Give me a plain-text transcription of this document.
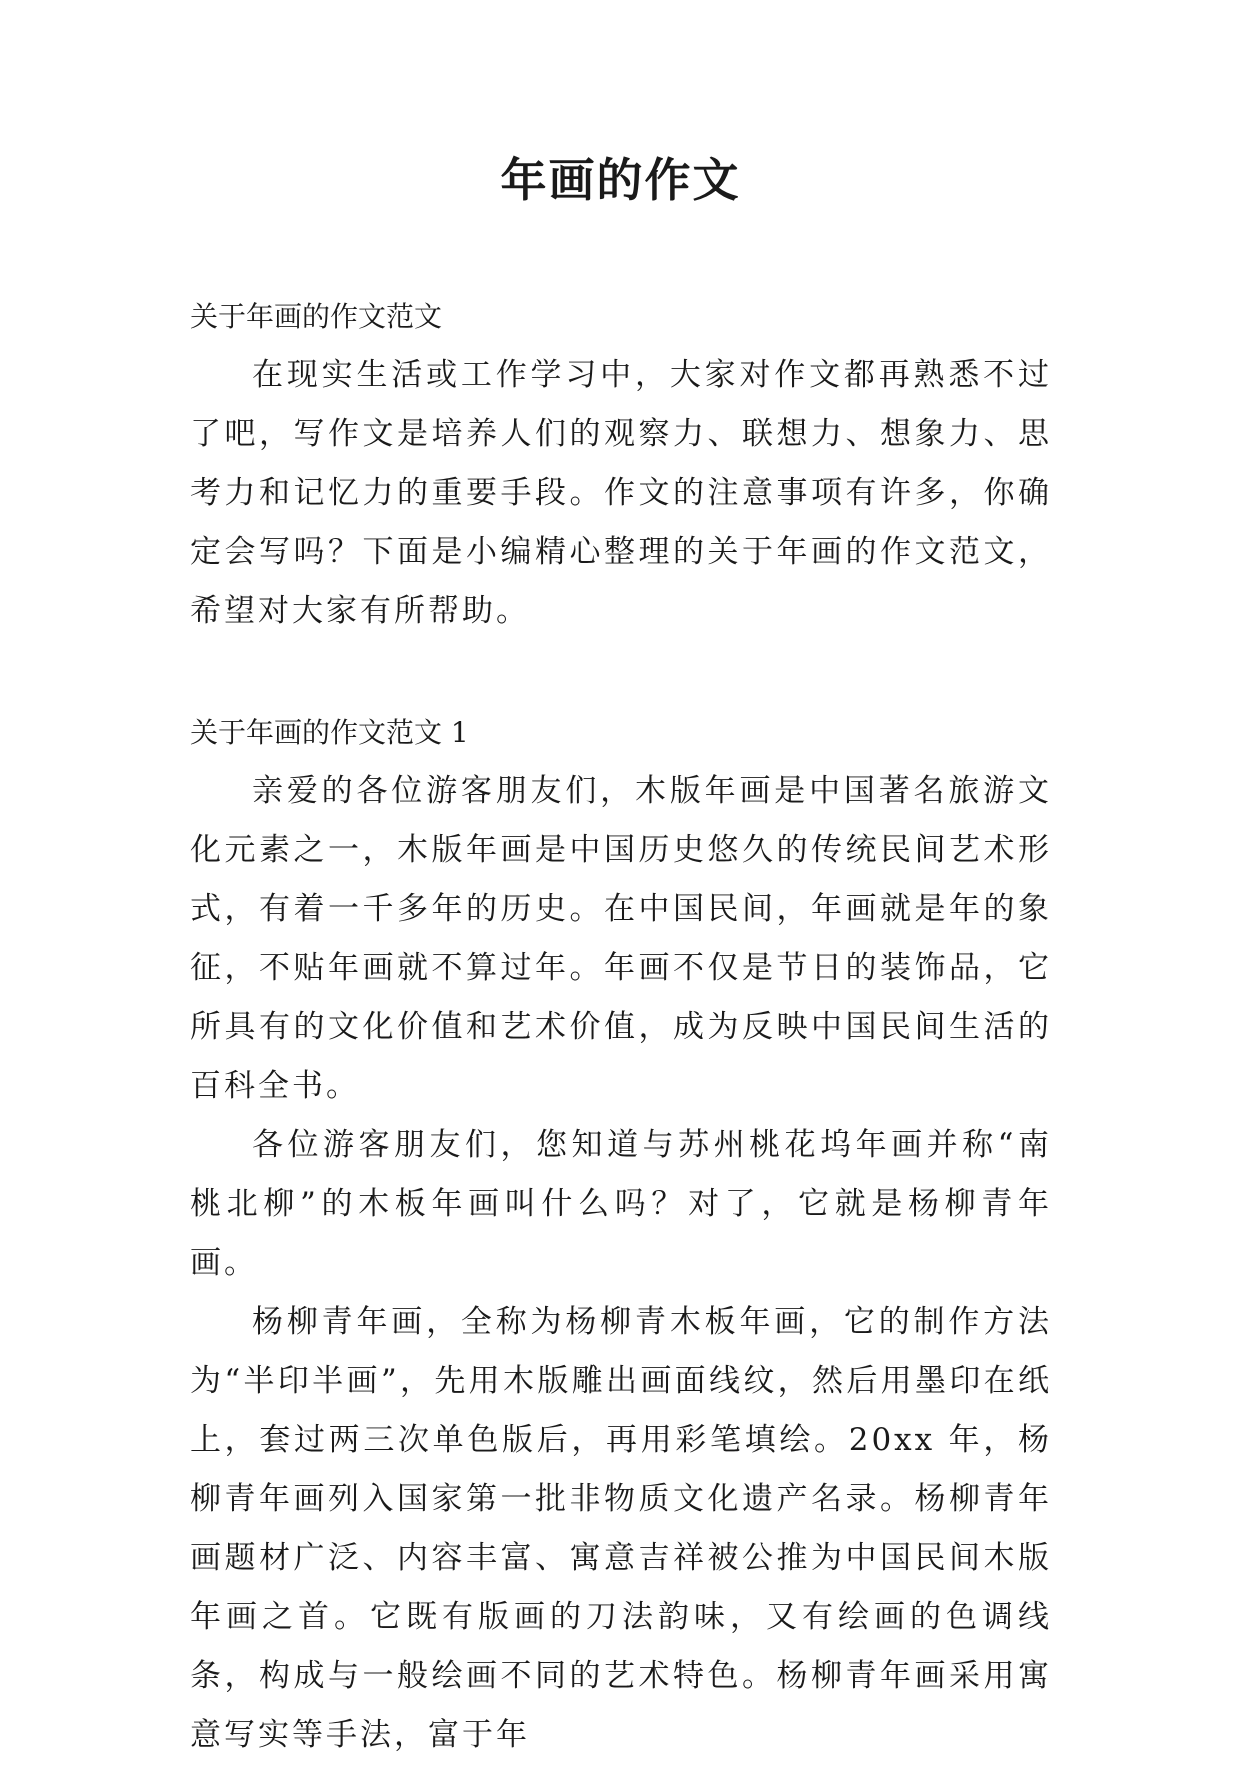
年画的作文

关于年画的作文范文

在现实生活或工作学习中，大家对作文都再熟悉不过了吧，写作文是培养人们的观察力、联想力、想象力、思考力和记忆力的重要手段。作文的注意事项有许多，你确定会写吗？下面是小编精心整理的关于年画的作文范文，希望对大家有所帮助。

关于年画的作文范文 1

亲爱的各位游客朋友们，木版年画是中国著名旅游文化元素之一，木版年画是中国历史悠久的传统民间艺术形式，有着一千多年的历史。在中国民间，年画就是年的象征，不贴年画就不算过年。年画不仅是节日的装饰品，它所具有的文化价值和艺术价值，成为反映中国民间生活的百科全书。

各位游客朋友们，您知道与苏州桃花坞年画并称“南桃北柳”的木板年画叫什么吗？对了，它就是杨柳青年画。

杨柳青年画，全称为杨柳青木板年画，它的制作方法为“半印半画”，先用木版雕出画面线纹，然后用墨印在纸上，套过两三次单色版后，再用彩笔填绘。20xx 年，杨柳青年画列入国家第一批非物质文化遗产名录。杨柳青年画题材广泛、内容丰富、寓意吉祥被公推为中国民间木版年画之首。它既有版画的刀法韵味，又有绘画的色调线条，构成与一般绘画不同的艺术特色。杨柳青年画采用寓意写实等手法，富于年
